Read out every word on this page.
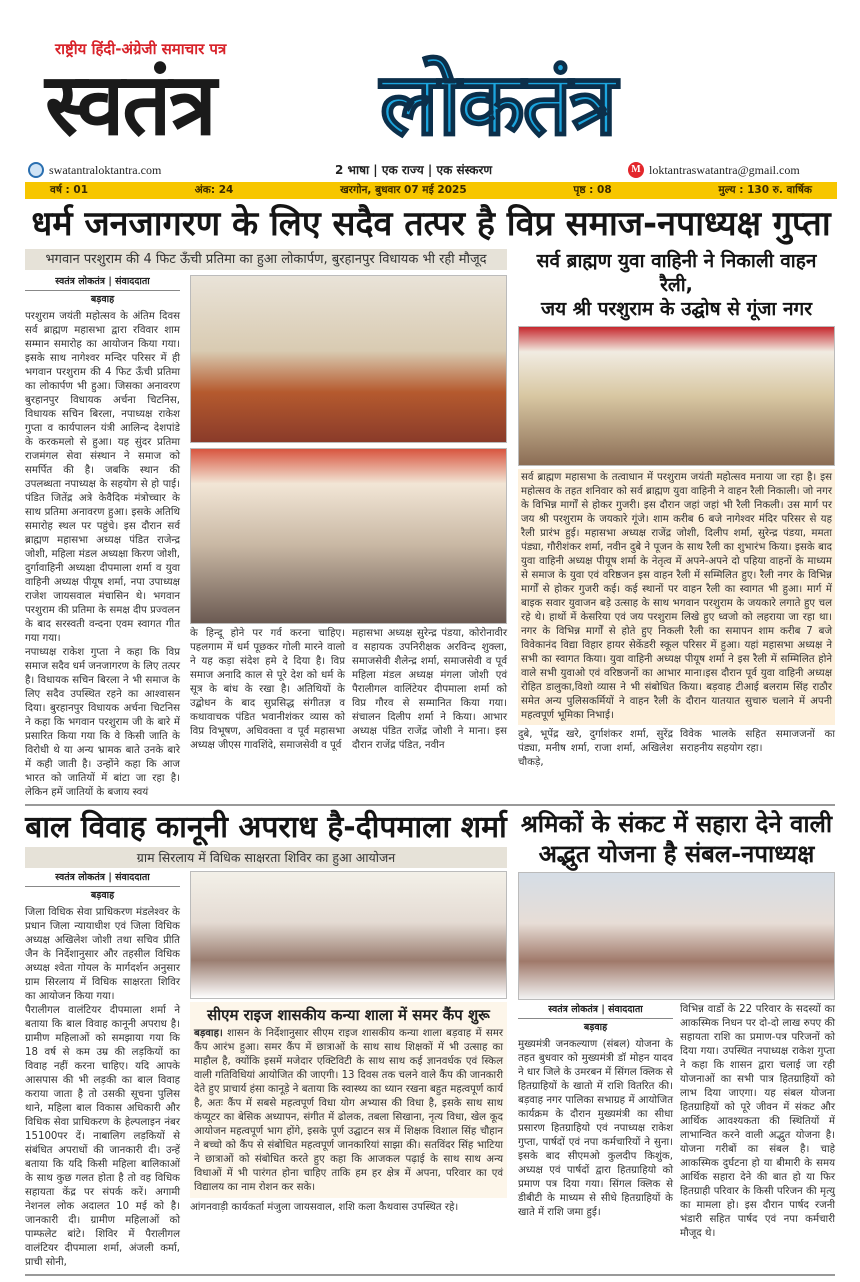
राष्ट्रीय हिंदी-अंग्रेजी समाचार पत्र
स्वतंत्र लोकतंत्र
swatantraloktantra.com	2 भाषा | एक राज्य | एक संस्करण	M loktantraswatantra@gmail.com
वर्ष : 01	अंक: 24	खरगोन, बुधवार 07 मई 2025	पृष्ठ : 08	मुल्य : 130 रु. वार्षिक
धर्म जनजागरण के लिए सदैव तत्पर है विप्र समाज-नपाध्यक्ष गुप्ता
भगवान परशुराम की 4 फिट ऊँची प्रतिमा का हुआ लोकार्पण, बुरहानपुर विधायक भी रही मौजूद
स्वतंत्र लोकतंत्र | संवाददाता
बड़वाह

परशुराम जयंती महोत्सव के अंतिम दिवस सर्व ब्राह्मण महासभा द्वारा रविवार शाम सम्मान समारोह का आयोजन किया गया। इसके साथ नागेश्वर मन्दिर परिसर में ही भगवान परशुराम की 4 फिट ऊँची प्रतिमा का लोकार्पण भी हुआ। जिसका अनावरण बुरहानपुर विधायक अर्चना चिटनिस, विधायक सचिन बिरला, नपाध्यक्ष राकेश गुप्ता व कार्यपालन यंत्री आलिन्द देशपांडे के करकमलो से हुआ। यह सुंदर प्रतिमा राजमंगल सेवा संस्थान ने समाज को समर्पित की है। जबकि स्थान की उपलब्धता नपाध्यक्ष के सहयोग से हो पाई। पंडित जितेंद्र अत्रे केवैदिक मंत्रोच्चार के साथ प्रतिमा अनावरण हुआ। इसके अतिथि समारोह स्थल पर पहुंचे। इस दौरान सर्व ब्राह्मण महासभा अध्यक्ष पंडित राजेन्द्र जोशी, महिला मंडल अध्यक्षा किरण जोशी, दुर्गावाहिनी अध्यक्षा दीपमाला शर्मा व युवा वाहिनी अध्यक्ष पीयूष शर्मा, नपा उपाध्यक्ष राजेश जायसवाल मंचासिन थे। भगवान परशुराम की प्रतिमा के समक्ष दीप प्रज्वलन के बाद सरस्वती वन्दना एवम स्वागत गीत गया गया।

नपाध्यक्ष राकेश गुप्ता ने कहा कि विप्र समाज सदैव धर्म जनजागरण के लिए तत्पर है। विधायक सचिन बिरला ने भी समाज के लिए सदैव उपस्थित रहने का आश्वासन दिया। बुरहानपुर विधायक अर्चना चिटनिस ने कहा कि भगवान परशुराम जी के बारे में प्रसारित किया गया कि वे किसी जाति के विरोधी थे या अन्य भ्रामक बाते उनके बारे में कही जाती है। उन्होंने कहा कि आज भारत को जातियों में बांटा जा रहा है। लेकिन हमें जातियों के बजाय स्वयं

के हिन्दू होने पर गर्व करना चाहिए। पहलगाम में धर्म पूछकर गोली मारने वालो ने यह कड़ा संदेश हमे दे दिया है। विप्र समाज अनादि काल से पूरे देश को धर्म के सूत्र के बांध के रखा है। अतिथियों के उद्बोधन के बाद सुप्रसिद्ध संगीतज्ञ व कथावाचक पंडित भवानीशंकर व्यास को विप्र विभूषण, अधिवक्ता व पूर्व महासभा अध्यक्ष जीएस गावशिंदे, समाजसेवी व पूर्व
महासभा अध्यक्ष सुरेन्द्र पंडया, कोरोनावीर व सहायक उपनिरीक्षक अरविन्द शुक्ला, समाजसेवी शैलेन्द्र शर्मा, समाजसेवी व पूर्व महिला मंडल अध्यक्ष मंगला जोशी एवं पैरालीगल वालिंटेयर दीपमाला शर्मा को विप्र गौरव से सम्मानित किया गया। संचालन दिलीप शर्मा ने किया। आभार अध्यक्ष पंडित राजेंद्र जोशी ने माना। इस दौरान राजेंद्र पंडित, नवीन
सर्व ब्राह्मण युवा वाहिनी ने निकाली वाहन रैली,
जय श्री परशुराम के उद्घोष से गूंजा नगर
सर्व ब्राह्मण महासभा के तत्वाधान में परशुराम जयंती महोत्सव मनाया जा रहा है। इस महोत्सव के तहत शनिवार को सर्व ब्राह्मण युवा वाहिनी ने वाहन रैली निकाली। जो नगर के विभिन्न मार्गों से होकर गुजरी। इस दौरान जहां जहां भी रैली निकली। उस मार्ग पर जय श्री परशुराम के जयकारे गूंजे। शाम करीब 6 बजे नागेश्वर मंदिर परिसर से यह रैली प्रारंभ हुई। महासभा अध्यक्ष राजेंद्र जोशी, दिलीप शर्मा, सुरेन्द्र पंडया, ममता पंड्या, गौरीशंकर शर्मा, नवीन दुबे ने पूजन के साथ रैली का शुभारंभ किया। इसके बाद युवा वाहिनी अध्यक्ष पीयूष शर्मा के नेतृत्व में अपने-अपने दो पहिया वाहनों के माध्यम से समाज के युवा एवं वरिष्ठजन इस वाहन रैली में सम्मिलित हुए। रैली नगर के विभिन्न मार्गों से होकर गुजरी कई। कई स्थानों पर वाहन रैली का स्वागत भी हुआ। मार्ग में बाइक सवार युवाजन बड़े उत्साह के साथ भगवान परशुराम के जयकारे लगाते हुए चल रहे थे। हाथों में केसरिया एवं जय परशुराम लिखे हुए ध्वजो को लहराया जा रहा था। नगर के विभिन्न मार्गों से होते हुए निकली रैली का समापन शाम करीब 7 बजे विवेकानंद विद्या विहार हायर सेकेंडरी स्कूल परिसर में हुआ। यहां महासभा अध्यक्ष ने सभी का स्वागत किया। युवा वाहिनी अध्यक्ष पीयूष शर्मा ने इस रैली में सम्मिलित होने वाले सभी युवाओ एवं वरिष्ठजनों का आभार माना।इस दौरान पूर्व युवा वाहिनी अध्यक्ष रोहित डालुका,विशो व्यास ने भी संबोधित किया। बड़वाह टीआई बलराम सिंह राठौर समेत अन्य पुलिसकर्मियों ने वाहन रैली के दौरान यातयात सुचारु चलाने में अपनी महत्वपूर्ण भूमिका निभाई।
दुबे, भूपेंद्र खरे, दुर्गाशंकर शर्मा, सुरेंद्र पंड्या, मनीष शर्मा, राजा शर्मा, अखिलेश चौकड़े,
विवेक भालके सहित समाजजनों का सराहनीय सहयोग रहा।
बाल विवाह कानूनी अपराध है-दीपमाला शर्मा
ग्राम सिरलाय में विधिक साक्षरता शिविर का हुआ आयोजन
स्वतंत्र लोकतंत्र | संवाददाता
बड़वाह

जिला विधिक सेवा प्राधिकरण मंडलेश्वर के प्रधान जिला न्यायाधीश एवं जिला विधिक अध्यक्ष अखिलेश जोशी तथा सचिव प्रीति जैन के निर्देशानुसार और तहसील विधिक अध्यक्ष श्वेता गोयल के मार्गदर्शन अनुसार ग्राम सिरलाय में विधिक साक्षरता शिविर का आयोजन किया गया।

पैरालीगल वालंटियर दीपमाला शर्मा ने बताया कि बाल विवाह कानूनी अपराध है। ग्रामीण महिलाओं को समझाया गया कि 18 वर्ष से कम उम्र की लड़कियों का विवाह नहीं करना चाहिए। यदि आपके आसपास की भी लड़की का बाल विवाह कराया जाता है तो उसकी सूचना पुलिस थाने, महिला बाल विकास अधिकारी और विधिक सेवा प्राधिकरण के हेल्पलाइन नंबर 15100पर दें। नाबालिग लड़कियों से संबंधित अपराधों की जानकारी दी। उन्हें बताया कि यदि किसी महिला बालिकाओं के साथ कुछ गलत होता है तो वह विधिक सहायता केंद्र पर संपर्क करें। अगामी नेशनल लोक अदालत 10 मई को है। जानकारी दी। ग्रामीण महिलाओं को पाम्फलेट बांटे। शिविर में पैरालीगल वालंटियर दीपमाला शर्मा, अंजली कर्मा, प्राची सोनी,

सीएम राइज शासकीय कन्या शाला में समर कैंप शुरू
बड़वाह। शासन के निर्देशानुसार सीएम राइज शासकीय कन्या शाला बड़वाह में समर कैंप आरंभ हुआ। समर कैंप में छात्राओं के साथ साथ शिक्षकों में भी उत्साह का माहौल है, क्योंकि इसमें मजेदार एक्टिविटी के साथ साथ कई ज्ञानवर्धक एवं स्किल वाली गतिविधियां आयोजित की जाएगी। 13 दिवस तक चलने वाले कैंप की जानकारी देते हुए प्राचार्य हंसा कानूड़े ने बताया कि स्वास्थ्य का ध्यान रखना बहुत महत्वपूर्ण कार्य है, अतः कैंप में सबसे महत्वपूर्ण विधा योग अभ्यास की विधा है, इसके साथ साथ कंप्यूटर का बेसिक अध्यापन, संगीत में ढोलक, तबला सिखाना, नृत्य विधा, खेल कूद आयोजन महत्वपूर्ण भाग होंगे, इसके पूर्ण उद्घाटन सत्र में शिक्षक विशाल सिंह चौहान ने बच्चो को कैंप से संबोधित महत्वपूर्ण जानकारियां साझा की। सतविंदर सिंह भाटिया ने छात्राओं को संबोधित करते हुए कहा कि आजकल पढ़ाई के साथ साथ अन्य विधाओं में भी पारंगत होना चाहिए ताकि हम हर क्षेत्र में अपना, परिवार का एवं विद्यालय का नाम रोशन कर सके।
आंगनवाड़ी कार्यकर्ता मंजुला जायसवाल, शशि कला कैथवास उपस्थित रहे।
श्रमिकों के संकट में सहारा देने वाली
अद्भुत योजना है संबल-नपाध्यक्ष
स्वतंत्र लोकतंत्र | संवाददाता
बड़वाह
मुख्यमंत्री जनकल्याण (संबल) योजना के तहत बुधवार को मुख्यमंत्री डॉ मोहन यादव ने धार जिले के उमरबन में सिंगल क्लिक से हितग्राहियों के खातो में राशि वितरित की। बड़वाह नगर पालिका सभाग्रह में आयोजित कार्यक्रम के दौरान मुख्यमंत्री का सीधा प्रसारण हितग्राहियो एवं नपाध्यक्ष राकेश गुप्ता, पार्षदों एवं नपा कर्मचारियों ने सुना। इसके बाद सीएमओ कुलदीप किशुंक, अध्यक्ष एवं पार्षदों द्वारा हितग्राहियो को प्रमाण पत्र दिया गया। सिंगल क्लिक से डीबीटी के माध्यम से सीधे हितग्राहियों के खाते में राशि जमा हुई।
विभिन्न वार्डो के 22 परिवार के सदस्यों का आकस्मिक निधन पर दो-दो लाख रुपए की सहायता राशि का प्रमाण-पत्र परिजनों को दिया गया। उपस्थित नपाध्यक्ष राकेश गुप्ता ने कहा कि शासन द्वारा चलाई जा रही योजनाओं का सभी पात्र हितग्राहियों को लाभ दिया जाएगा। यह संबल योजना हितग्राहियों को पूरे जीवन में संकट और आर्थिक आवश्यकता की स्थितियों में लाभान्वित करने वाली अद्भुत योजना है। योजना गरीबों का संबल है। चाहे आकस्मिक दुर्घटना हो या बीमारी के समय आर्थिक सहारा देने की बात हो या फिर हितग्राही परिवार के किसी परिजन की मृत्यु का मामला हो। इस दौरान पार्षद रजनी भंडारी सहित पार्षद एवं नपा कर्मचारी मौजूद थे।
